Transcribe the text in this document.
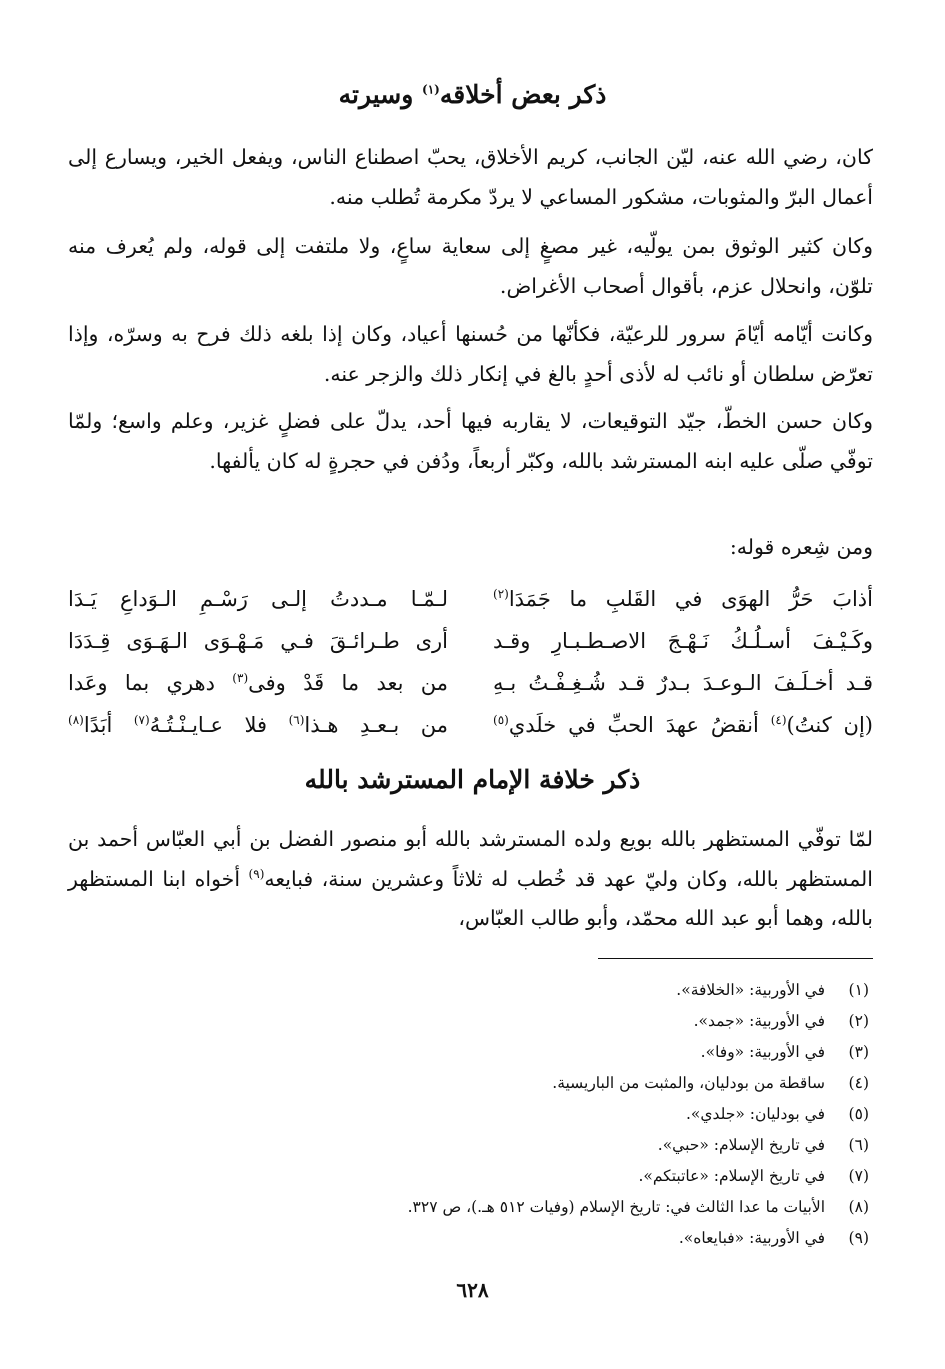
ذكر بعض أخلاقه$^{(١)}$ وسيرته

كان، رضي الله عنه، ليّن الجانب، كريم الأخلاق، يحبّ اصطناع الناس، ويفعل الخير، ويسارع إلى أعمال البرّ والمثوبات، مشكور المساعي لا يردّ مكرمة تُطلب منه.

وكان كثير الوثوق بمن يولّيه، غير مصغٍ إلى سعاية ساعٍ، ولا ملتفت إلى قوله، ولم يُعرف منه تلوّن، وانحلال عزم، بأقوال أصحاب الأغراض.

وكانت أيّامه أيّامَ سرور للرعيّة، فكأنّها من حُسنها أعياد، وكان إذا بلغه ذلك فرح به وسرّه، وإذا تعرّض سلطان أو نائب له لأذى أحدٍ بالغ في إنكار ذلك والزجر عنه.

وكان حسن الخطّ، جيّد التوقيعات، لا يقاربه فيها أحد، يدلّ على فضلٍ غزير، وعلم واسع؛ ولمّا توفّي صلّى عليه ابنه المسترشد بالله، وكبّر أربعاً، ودُفن في حجرةٍ له كان يألفها.

ومن شِعره قوله:

أذابَ حَرُّ الهوَى في القَلبِ ما جَمَدَا$^{(٢)}$
لـمّـا مـددتُ إلـى رَسْـمِ الـوَداعِ يَـدَا
وكَـيْـفَ أسـلُـكُ نَـهْـجَ الاصـطـبـارِ وقـد
أرى طـرائـقَ فـي مَـهْـوَى الـهَـوَى قِـدَدَا
قـد أخـلَـفَ الـوعـدَ بـدرٌ قـد شُـغِـفْـتُ بـهِ
من بعد ما قَدْ وفى$^{(٣)}$ دهري بما وعَدا
(إن كنتُ)$^{(٤)}$ أنقضُ عهدَ الحبِّ في خلَدي$^{(٥)}$
من بـعـدِ هـذا$^{(٦)}$ فلا عـايـنْـتُـهُ$^{(٧)}$ أبَدًا$^{(٨)}$
ذكر خلافة الإمام المسترشد بالله

لمّا توفّي المستظهر بالله بويع ولده المسترشد بالله أبو منصور الفضل بن أبي العبّاس أحمد بن المستظهر بالله، وكان وليّ عهد قد خُطب له ثلاثاً وعشرين سنة، فبايعه$^{(٩)}$ أخواه ابنا المستظهر بالله، وهما أبو عبد الله محمّد، وأبو طالب العبّاس،

(١)
في الأوربية: «الخلافة».
(٢)
في الأوربية: «جمد».
(٣)
في الأوربية: «وفا».
(٤)
ساقطة من بودليان، والمثبت من الباريسية.
(٥)
في بودليان: «جلدي».
(٦)
في تاريخ الإسلام: «حبي».
(٧)
في تاريخ الإسلام: «عاتبتكم».
(٨)
الأبيات ما عدا الثالث في: تاريخ الإسلام (وفيات ٥١٢ هـ.)، ص ٣٢٧.
(٩)
في الأوربية: «فبايعاه».
٦٢٨
